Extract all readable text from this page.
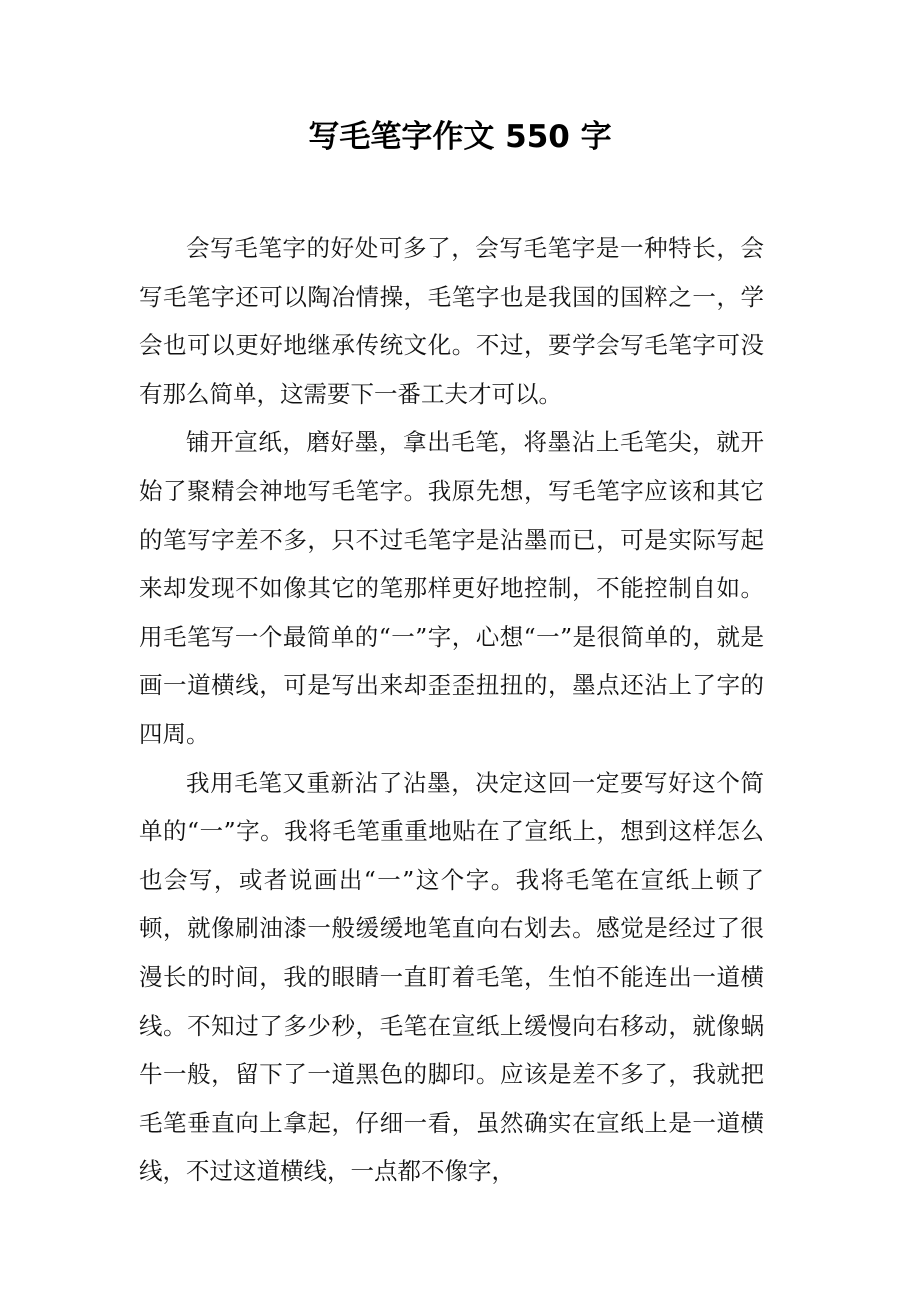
写毛笔字作文 550 字

会写毛笔字的好处可多了，会写毛笔字是一种特长，会写毛笔字还可以陶冶情操，毛笔字也是我国的国粹之一，学会也可以更好地继承传统文化。不过，要学会写毛笔字可没有那么简单，这需要下一番工夫才可以。

铺开宣纸，磨好墨，拿出毛笔，将墨沾上毛笔尖，就开始了聚精会神地写毛笔字。我原先想，写毛笔字应该和其它的笔写字差不多，只不过毛笔字是沾墨而已，可是实际写起来却发现不如像其它的笔那样更好地控制，不能控制自如。用毛笔写一个最简单的“一”字，心想“一”是很简单的，就是画一道横线，可是写出来却歪歪扭扭的，墨点还沾上了字的四周。

我用毛笔又重新沾了沾墨，决定这回一定要写好这个简单的“一”字。我将毛笔重重地贴在了宣纸上，想到这样怎么也会写，或者说画出“一”这个字。我将毛笔在宣纸上顿了顿，就像刷油漆一般缓缓地笔直向右划去。感觉是经过了很漫长的时间，我的眼睛一直盯着毛笔，生怕不能连出一道横线。不知过了多少秒，毛笔在宣纸上缓慢向右移动，就像蜗牛一般，留下了一道黑色的脚印。应该是差不多了，我就把毛笔垂直向上拿起，仔细一看，虽然确实在宣纸上是一道横线，不过这道横线，一点都不像字，
